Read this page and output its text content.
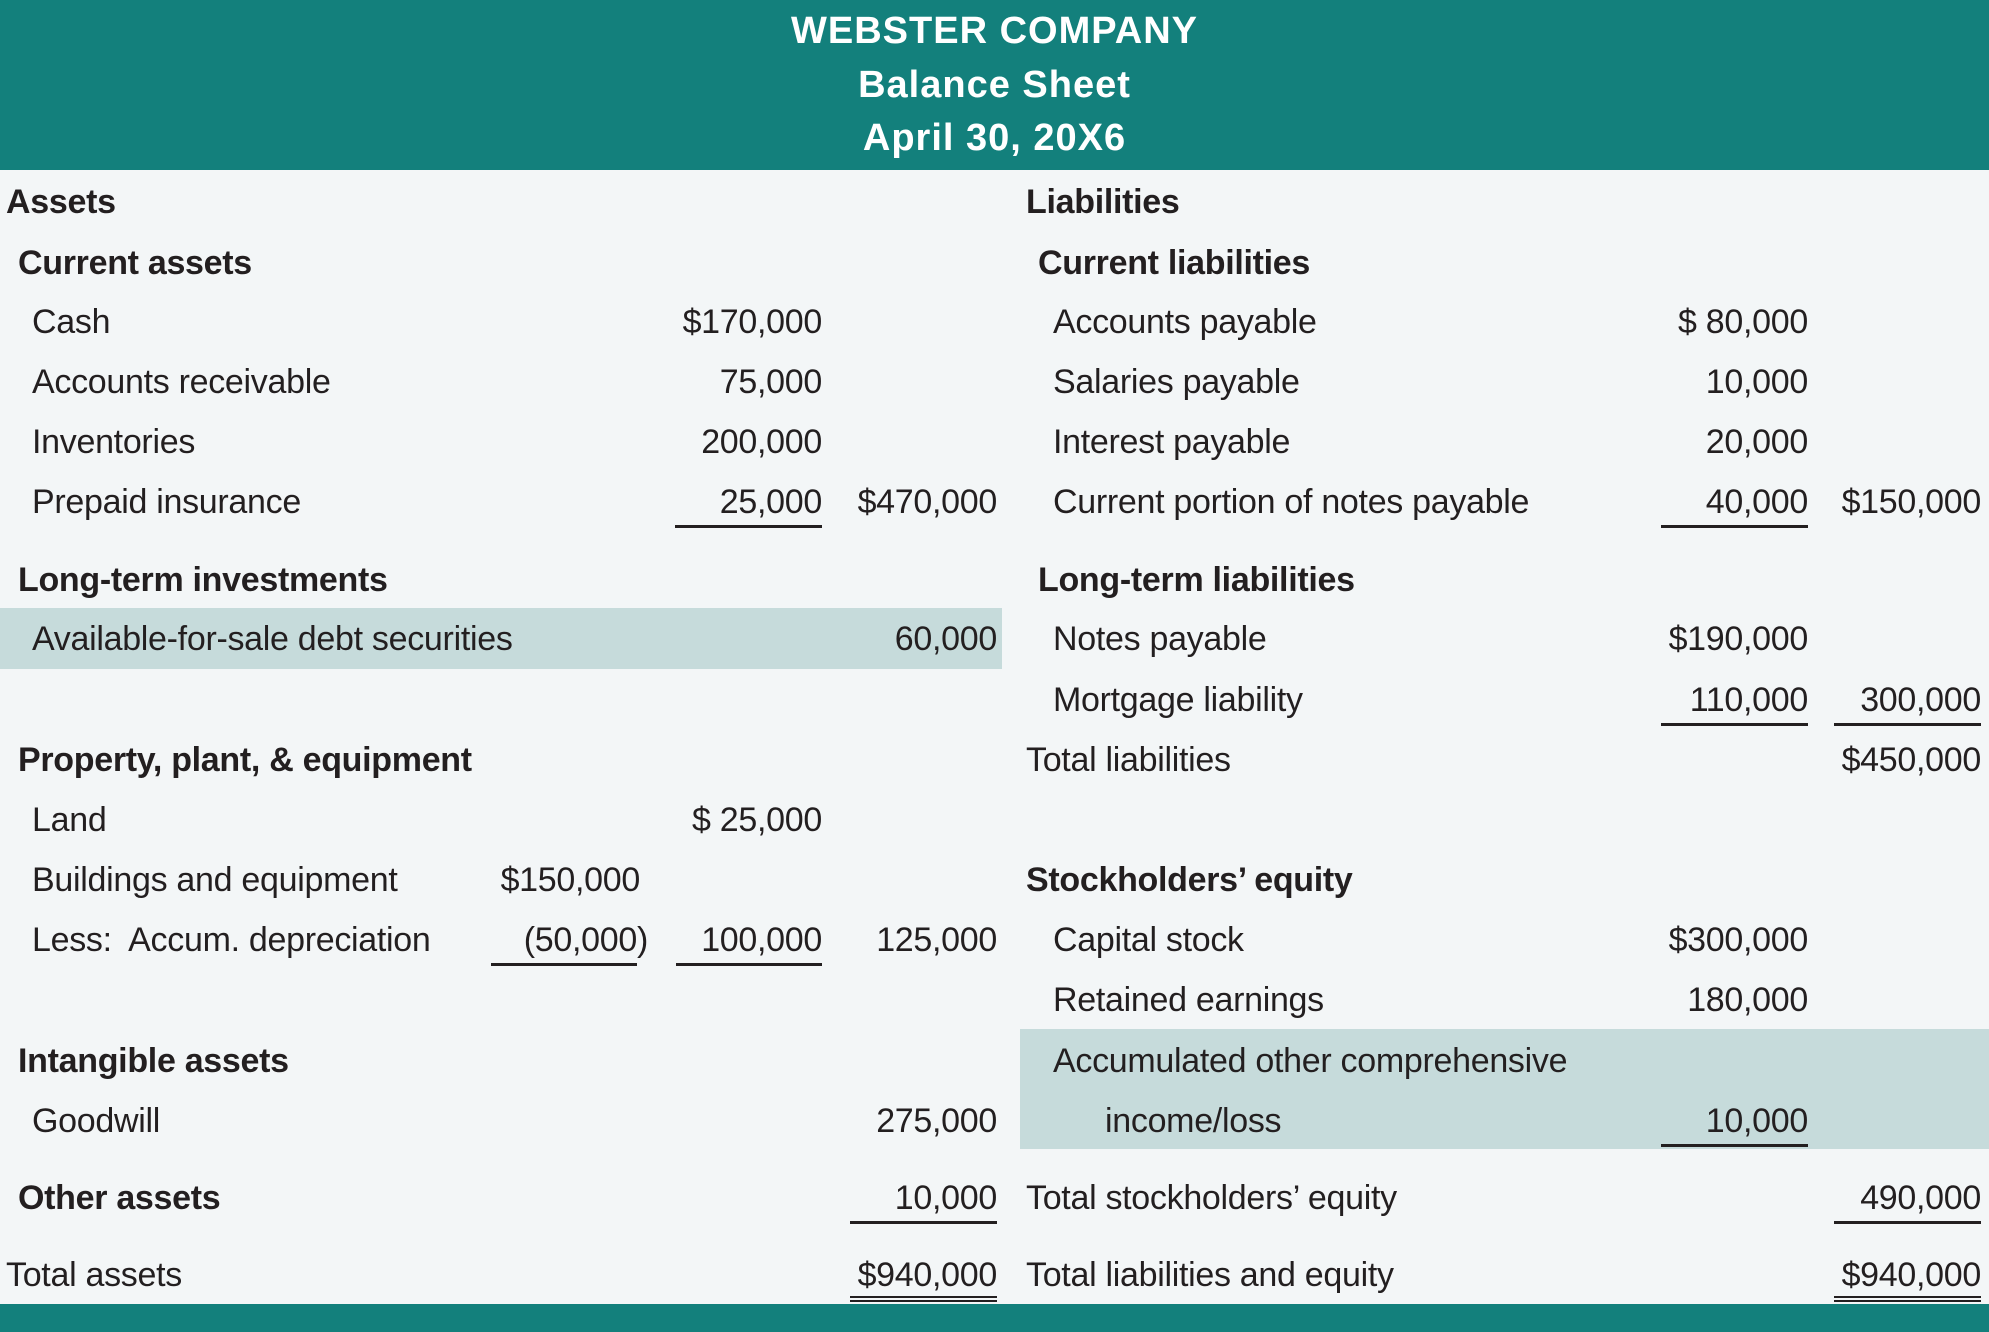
WEBSTER COMPANY
Balance Sheet
April 30, 20X6
Assets
Current assets
Cash	$170,000
Accounts receivable	75,000
Inventories	200,000
Prepaid insurance	25,000 $470,000
Long-term investments
Available-for-sale debt securities	60,000
Property, plant, & equipment
Land	$ 25,000
Buildings and equipment	$150,000
Less:  Accum. depreciation	(50,000) 100,000 125,000
Intangible assets
Goodwill	275,000
Other assets	10,000
Total assets	$940,000
Liabilities
Current liabilities
Accounts payable	$ 80,000
Salaries payable	10,000
Interest payable	20,000
Current portion of notes payable	40,000 $150,000
Long-term liabilities
Notes payable	$190,000
Mortgage liability	110,000 300,000
Total liabilities	$450,000
Stockholders’ equity
Capital stock	$300,000
Retained earnings	180,000
Accumulated other comprehensive
income/loss	10,000
Total stockholders’ equity	490,000
Total liabilities and equity	$940,000
